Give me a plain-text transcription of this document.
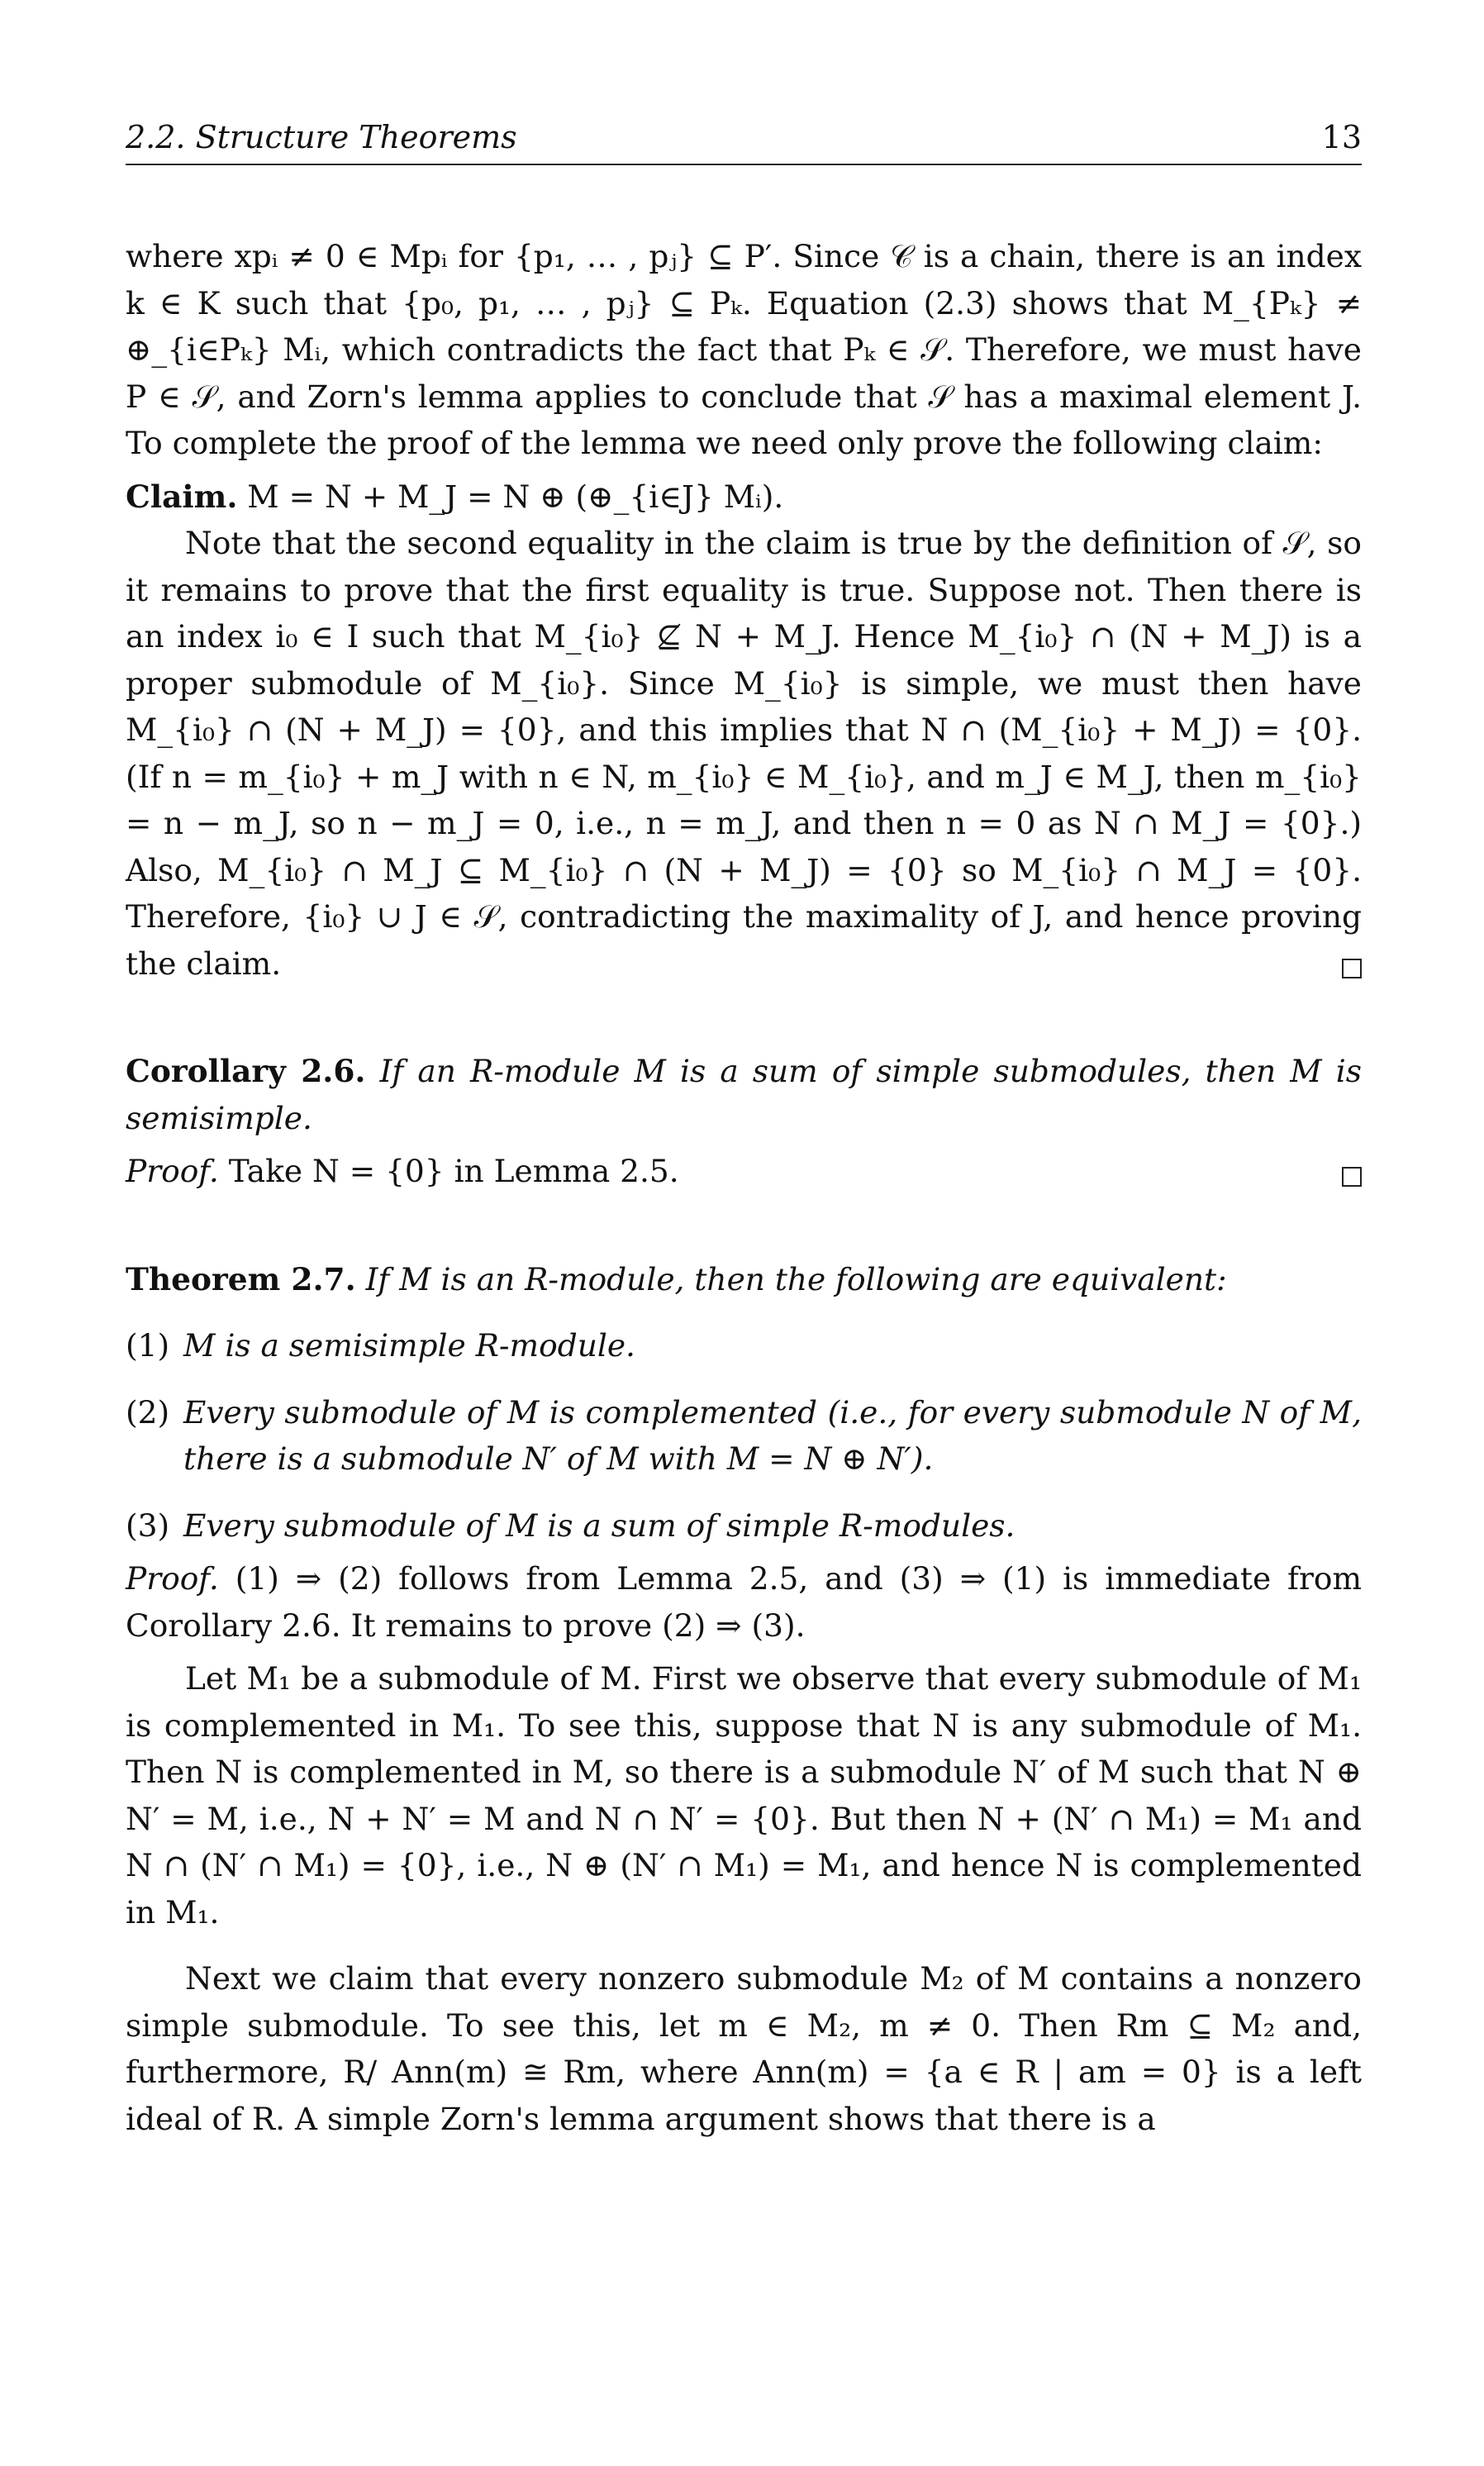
2.2. Structure Theorems	13

where xpᵢ ≠ 0 ∈ Mpᵢ for {p₁, … , pⱼ} ⊆ P′. Since 𝒞 is a chain, there is an index k ∈ K such that {p₀, p₁, … , pⱼ} ⊆ Pₖ. Equation (2.3) shows that M_{Pₖ} ≠ ⊕_{i∈Pₖ} Mᵢ, which contradicts the fact that Pₖ ∈ 𝒮. Therefore, we must have P ∈ 𝒮, and Zorn's lemma applies to conclude that 𝒮 has a maximal element J. To complete the proof of the lemma we need only prove the following claim:

Claim. M = N + M_J = N ⊕ (⊕_{i∈J} Mᵢ).

Note that the second equality in the claim is true by the definition of 𝒮, so it remains to prove that the first equality is true. Suppose not. Then there is an index i₀ ∈ I such that M_{i₀} ⊈ N + M_J. Hence M_{i₀} ∩ (N + M_J) is a proper submodule of M_{i₀}. Since M_{i₀} is simple, we must then have M_{i₀} ∩ (N + M_J) = {0}, and this implies that N ∩ (M_{i₀} + M_J) = {0}. (If n = m_{i₀} + m_J with n ∈ N, m_{i₀} ∈ M_{i₀}, and m_J ∈ M_J, then m_{i₀} = n − m_J, so n − m_J = 0, i.e., n = m_J, and then n = 0 as N ∩ M_J = {0}.) Also, M_{i₀} ∩ M_J ⊆ M_{i₀} ∩ (N + M_J) = {0} so M_{i₀} ∩ M_J = {0}. Therefore, {i₀} ∪ J ∈ 𝒮, contradicting the maximality of J, and hence proving the claim.

Corollary 2.6. If an R-module M is a sum of simple submodules, then M is semisimple.

Proof. Take N = {0} in Lemma 2.5.

Theorem 2.7. If M is an R-module, then the following are equivalent:

(1) M is a semisimple R-module.
(2) Every submodule of M is complemented (i.e., for every submodule N of M, there is a submodule N′ of M with M = N ⊕ N′).
(3) Every submodule of M is a sum of simple R-modules.

Proof. (1) ⇒ (2) follows from Lemma 2.5, and (3) ⇒ (1) is immediate from Corollary 2.6. It remains to prove (2) ⇒ (3).

Let M₁ be a submodule of M. First we observe that every submodule of M₁ is complemented in M₁. To see this, suppose that N is any submodule of M₁. Then N is complemented in M, so there is a submodule N′ of M such that N ⊕ N′ = M, i.e., N + N′ = M and N ∩ N′ = {0}. But then N + (N′ ∩ M₁) = M₁ and N ∩ (N′ ∩ M₁) = {0}, i.e., N ⊕ (N′ ∩ M₁) = M₁, and hence N is complemented in M₁.

Next we claim that every nonzero submodule M₂ of M contains a nonzero simple submodule. To see this, let m ∈ M₂, m ≠ 0. Then Rm ⊆ M₂ and, furthermore, R/ Ann(m) ≅ Rm, where Ann(m) = {a ∈ R | am = 0} is a left ideal of R. A simple Zorn's lemma argument shows that there is a
